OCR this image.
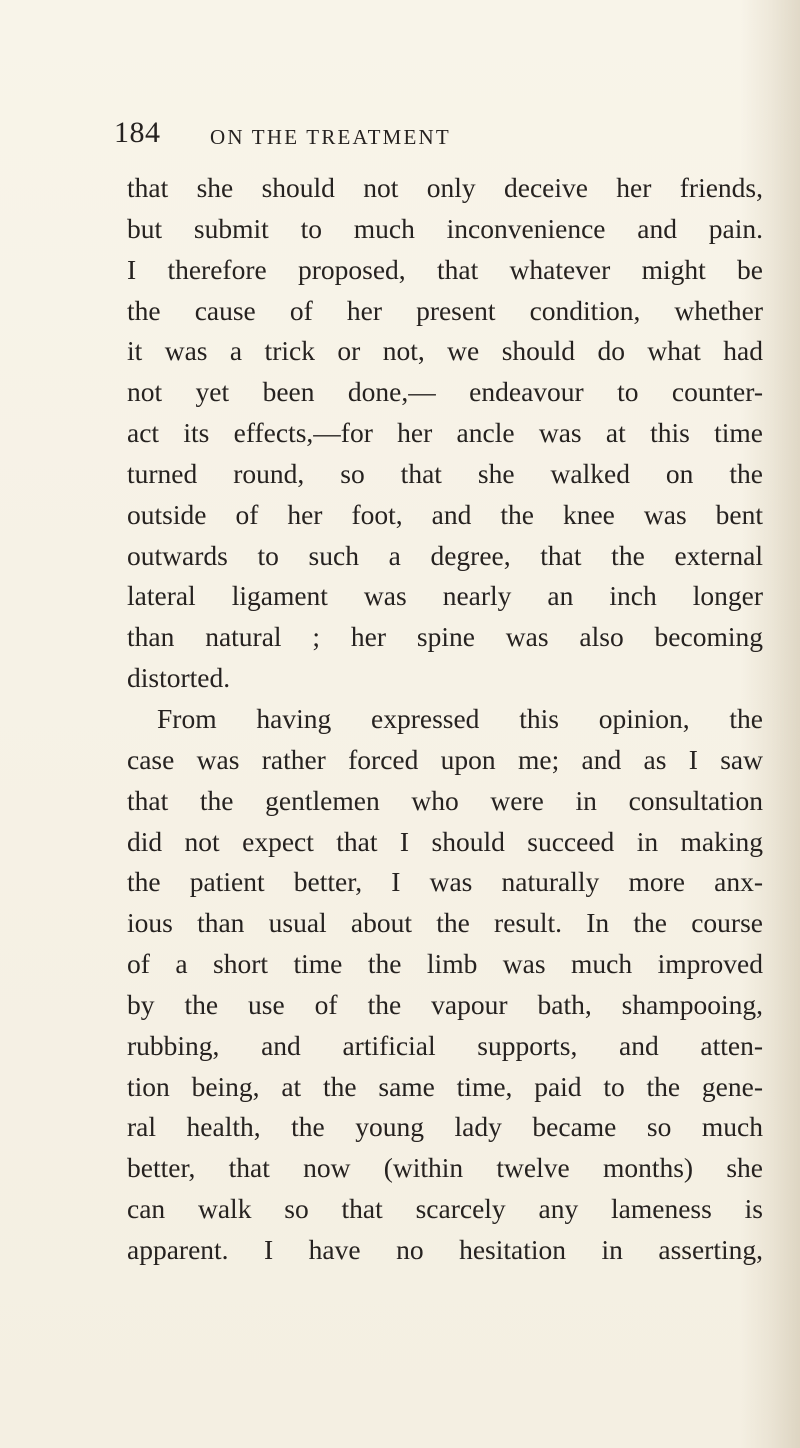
184 ON THE TREATMENT
that she should not only deceive her friends,
but submit to much inconvenience and pain.
I therefore proposed, that whatever might be
the cause of her present condition, whether
it was a trick or not, we should do what had
not yet been done,— endeavour to counter-
act its effects,—for her ancle was at this time
turned round, so that she walked on the
outside of her foot, and the knee was bent
outwards to such a degree, that the external
lateral ligament was nearly an inch longer
than natural ; her spine was also becoming
distorted.
From having expressed this opinion, the
case was rather forced upon me; and as I saw
that the gentlemen who were in consultation
did not expect that I should succeed in making
the patient better, I was naturally more anx-
ious than usual about the result. In the course
of a short time the limb was much improved
by the use of the vapour bath, shampooing,
rubbing, and artificial supports, and atten-
tion being, at the same time, paid to the gene-
ral health, the young lady became so much
better, that now (within twelve months) she
can walk so that scarcely any lameness is
apparent. I have no hesitation in asserting,
